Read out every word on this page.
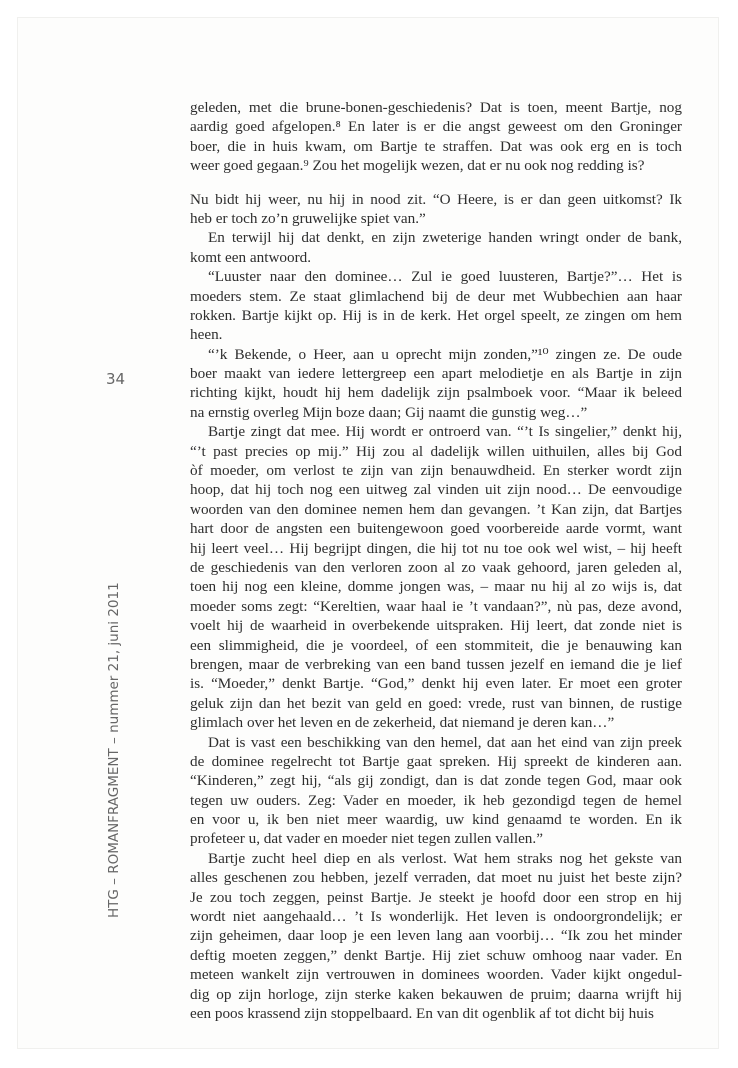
34
HTG – ROMANFRAGMENT – nummer 21, juni 2011
geleden, met die brune-bonen-geschiedenis? Dat is toen, meent Bartje, nog
aardig goed afgelopen.⁸ En later is er die angst geweest om den Groninger
boer, die in huis kwam, om Bartje te straffen. Dat was ook erg en is toch
weer goed gegaan.⁹ Zou het mogelijk wezen, dat er nu ook nog redding is?
Nu bidt hij weer, nu hij in nood zit. “O Heere, is er dan geen uitkomst? Ik
heb er toch zo’n gruwelijke spiet van.”
En terwijl hij dat denkt, en zijn zweterige handen wringt onder de bank,
komt een antwoord.
“Luuster naar den dominee… Zul ie goed luusteren, Bartje?”… Het is
moeders stem. Ze staat glimlachend bij de deur met Wubbechien aan haar
rokken. Bartje kijkt op. Hij is in de kerk. Het orgel speelt, ze zingen om hem
heen.
“’k Bekende, o Heer, aan u oprecht mijn zonden,”¹⁰ zingen ze. De oude
boer maakt van iedere lettergreep een apart melodietje en als Bartje in zijn
richting kijkt, houdt hij hem dadelijk zijn psalmboek voor. “Maar ik beleed
na ernstig overleg Mijn boze daan; Gij naamt die gunstig weg…”
Bartje zingt dat mee. Hij wordt er ontroerd van. “’t Is singelier,” denkt hij,
“’t past precies op mij.” Hij zou al dadelijk willen uithuilen, alles bij God
òf moeder, om verlost te zijn van zijn benauwdheid. En sterker wordt zijn
hoop, dat hij toch nog een uitweg zal vinden uit zijn nood… De eenvoudige
woorden van den dominee nemen hem dan gevangen. ’t Kan zijn, dat Bartjes
hart door de angsten een buitengewoon goed voorbereide aarde vormt, want
hij leert veel… Hij begrijpt dingen, die hij tot nu toe ook wel wist, – hij heeft
de geschiedenis van den verloren zoon al zo vaak gehoord, jaren geleden al,
toen hij nog een kleine, domme jongen was, – maar nu hij al zo wijs is, dat
moeder soms zegt: “Kereltien, waar haal ie ’t vandaan?”, nù pas, deze avond,
voelt hij de waarheid in overbekende uitspraken. Hij leert, dat zonde niet is
een slimmigheid, die je voordeel, of een stommiteit, die je benauwing kan
brengen, maar de verbreking van een band tussen jezelf en iemand die je lief
is. “Moeder,” denkt Bartje. “God,” denkt hij even later. Er moet een groter
geluk zijn dan het bezit van geld en goed: vrede, rust van binnen, de rustige
glimlach over het leven en de zekerheid, dat niemand je deren kan…”
Dat is vast een beschikking van den hemel, dat aan het eind van zijn preek
de dominee regelrecht tot Bartje gaat spreken. Hij spreekt de kinderen aan.
“Kinderen,” zegt hij, “als gij zondigt, dan is dat zonde tegen God, maar ook
tegen uw ouders. Zeg: Vader en moeder, ik heb gezondigd tegen de hemel
en voor u, ik ben niet meer waardig, uw kind genaamd te worden. En ik
profeteer u, dat vader en moeder niet tegen zullen vallen.”
Bartje zucht heel diep en als verlost. Wat hem straks nog het gekste van
alles geschenen zou hebben, jezelf verraden, dat moet nu juist het beste zijn?
Je zou toch zeggen, peinst Bartje. Je steekt je hoofd door een strop en hij
wordt niet aangehaald… ’t Is wonderlijk. Het leven is ondoorgrondelijk; er
zijn geheimen, daar loop je een leven lang aan voorbij… “Ik zou het minder
deftig moeten zeggen,” denkt Bartje. Hij ziet schuw omhoog naar vader. En
meteen wankelt zijn vertrouwen in dominees woorden. Vader kijkt ongedul-
dig op zijn horloge, zijn sterke kaken bekauwen de pruim; daarna wrijft hij
een poos krassend zijn stoppelbaard. En van dit ogenblik af tot dicht bij huis
